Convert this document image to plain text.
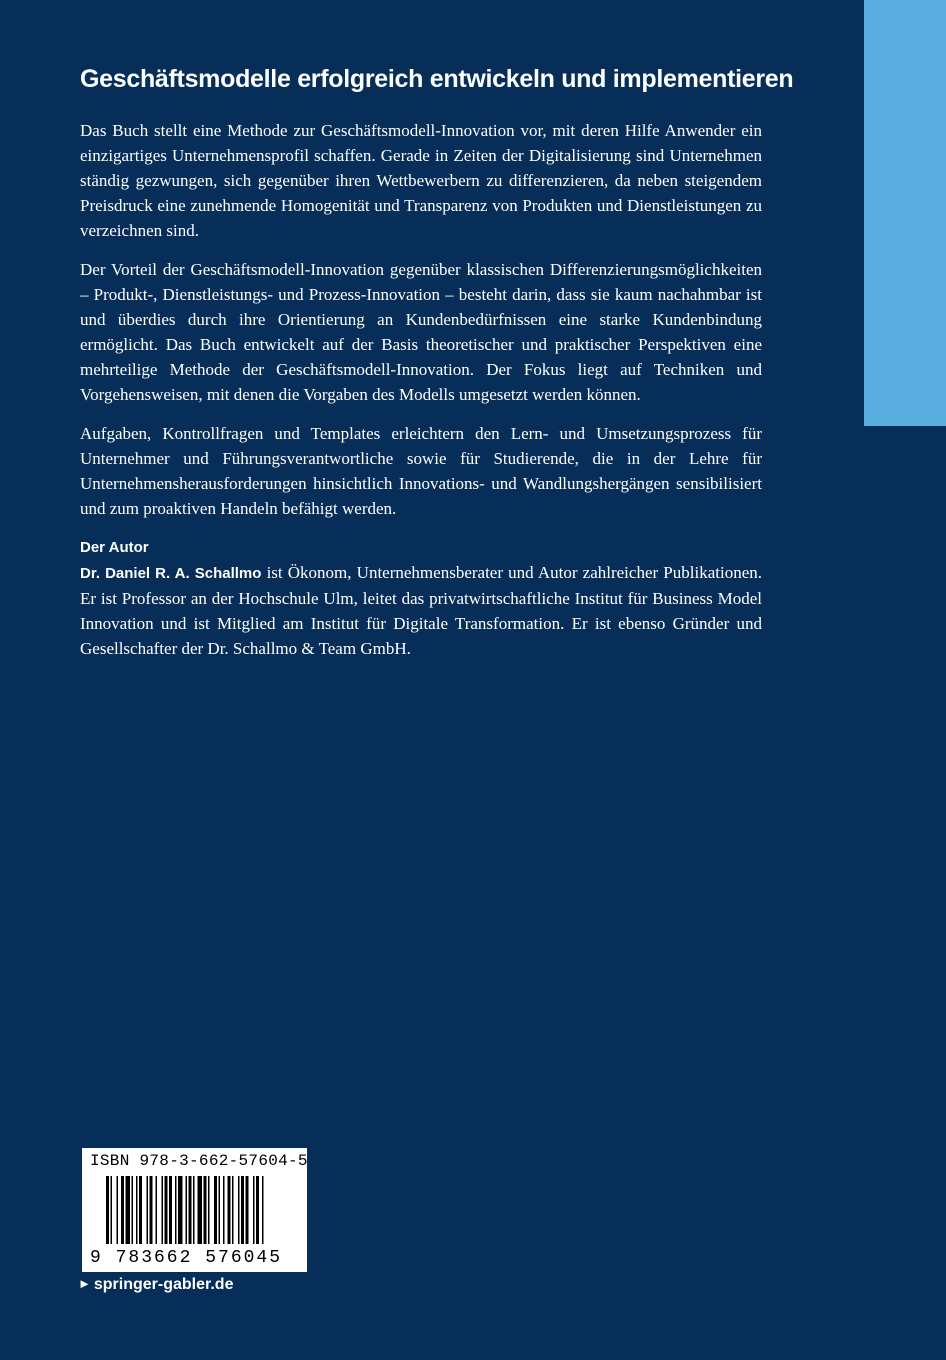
Geschäftsmodelle erfolgreich entwickeln und implementieren

Das Buch stellt eine Methode zur Geschäftsmodell-Innovation vor, mit deren Hilfe Anwender ein einzigartiges Unternehmensprofil schaffen. Gerade in Zeiten der Digitalisierung sind Unternehmen ständig gezwungen, sich gegenüber ihren Wettbewerbern zu differenzieren, da neben steigendem Preisdruck eine zunehmende Homogenität und Transparenz von Produkten und Dienstleistungen zu verzeichnen sind.

Der Vorteil der Geschäftsmodell-Innovation gegenüber klassischen Differenzierungsmöglichkeiten – Produkt-, Dienstleistungs- und Prozess-Innovation – besteht darin, dass sie kaum nachahmbar ist und überdies durch ihre Orientierung an Kundenbedürfnissen eine starke Kundenbindung ermöglicht. Das Buch entwickelt auf der Basis theoretischer und praktischer Perspektiven eine mehrteilige Methode der Geschäftsmodell-Innovation. Der Fokus liegt auf Techniken und Vorgehensweisen, mit denen die Vorgaben des Modells umgesetzt werden können.

Aufgaben, Kontrollfragen und Templates erleichtern den Lern- und Umsetzungsprozess für Unternehmer und Führungsverantwortliche sowie für Studierende, die in der Lehre für Unternehmensherausforderungen hinsichtlich Innovations- und Wandlungshergängen sensibilisiert und zum proaktiven Handeln befähigt werden.

Der Autor

Dr. Daniel R. A. Schallmo ist Ökonom, Unternehmensberater und Autor zahlreicher Publikationen. Er ist Professor an der Hochschule Ulm, leitet das privatwirtschaftliche Institut für Business Model Innovation und ist Mitglied am Institut für Digitale Transformation. Er ist ebenso Gründer und Gesellschafter der Dr. Schallmo & Team GmbH.

ISBN 978-3-662-57604-5
9 783662 576045
► springer-gabler.de
